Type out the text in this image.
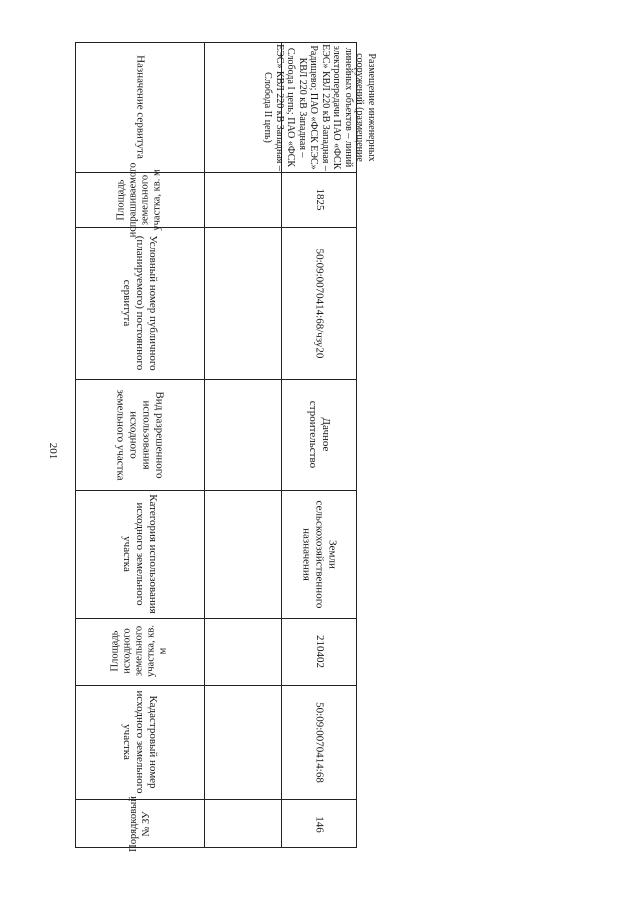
201
Назначение сервитута
Площадь испрашиваемого земельного участка, кв. м
Условный номер публичного (планируемого) постоянного сервитута
Вид разрешенного использования исходного земельного участка
Категория использования исходного земельного участка
Площадь исходного земельного участка, кв. м
Кадастровый номер исходного земельного участка
Порядковый № ЗУ
Размещение инженерных сооружений (размещение линейных объектов – линий электропередачи ПАО «ФСК ЕЭС» КВЛ 220 кВ Западная – Радищево; ПАО «ФСК ЕЭС» КВЛ 220 кВ Западная – Слобода I цепь; ПАО «ФСК ЕЭС» КВЛ 220 кВ Западная – Слобода II цепь)
1825
50:09:0070414:68/чзу20
Дачное строительство
Земли сельскохозяйственного назначения
210402
50:09:0070414:68
146
